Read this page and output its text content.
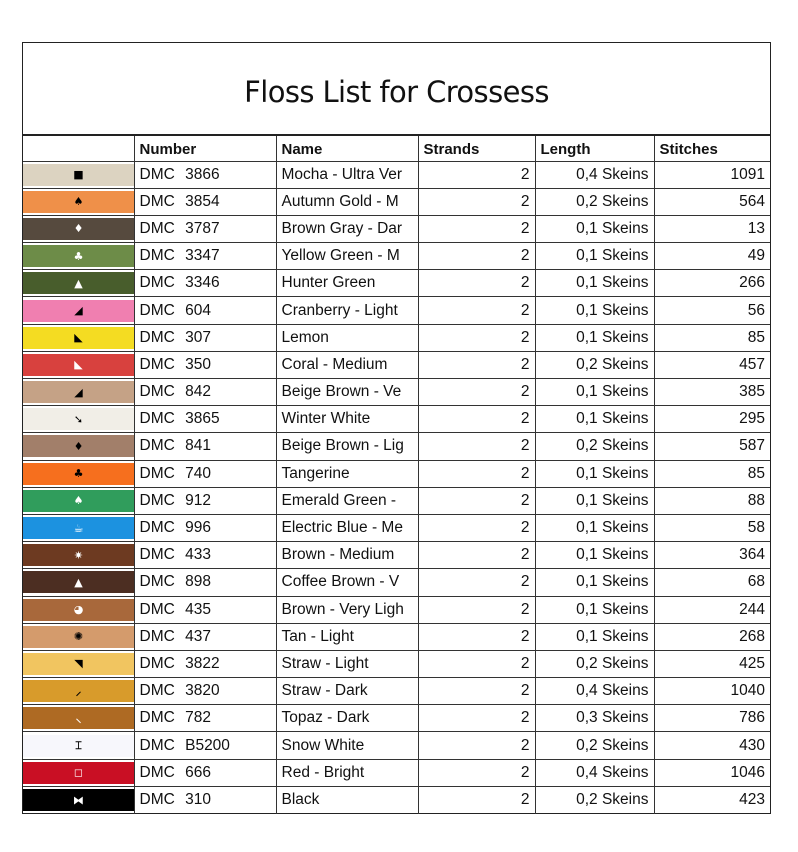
Floss List for Crossess
	Number	Name	Strands	Length	Stitches

■	DMC 3866	Mocha - Ultra Ver	2	0,4 Skeins	1091

♠	DMC 3854	Autumn Gold - M	2	0,2 Skeins	564

♦	DMC 3787	Brown Gray - Dar	2	0,1 Skeins	13

♣	DMC 3347	Yellow Green - M	2	0,1 Skeins	49

▲	DMC 3346	Hunter Green	2	0,1 Skeins	266

◢	DMC 604	Cranberry - Light	2	0,1 Skeins	56

◣	DMC 307	Lemon	2	0,1 Skeins	85

◣	DMC 350	Coral - Medium	2	0,2 Skeins	457

◢	DMC 842	Beige Brown - Ve	2	0,1 Skeins	385

➘	DMC 3865	Winter White	2	0,1 Skeins	295

♦	DMC 841	Beige Brown - Lig	2	0,2 Skeins	587

♣	DMC 740	Tangerine	2	0,1 Skeins	85

♠	DMC 912	Emerald Green -	2	0,1 Skeins	88

☕	DMC 996	Electric Blue - Me	2	0,1 Skeins	58

✷	DMC 433	Brown - Medium	2	0,1 Skeins	364

▲	DMC 898	Coffee Brown - V	2	0,1 Skeins	68

◕	DMC 435	Brown - Very Ligh	2	0,1 Skeins	244

✺	DMC 437	Tan - Light	2	0,1 Skeins	268

◥	DMC 3822	Straw - Light	2	0,2 Skeins	425

⸝	DMC 3820	Straw - Dark	2	0,4 Skeins	1040

⸜	DMC 782	Topaz - Dark	2	0,3 Skeins	786

⌶	DMC B5200	Snow White	2	0,2 Skeins	430

◻	DMC 666	Red - Bright	2	0,4 Skeins	1046

⧓	DMC 310	Black	2	0,2 Skeins	423
